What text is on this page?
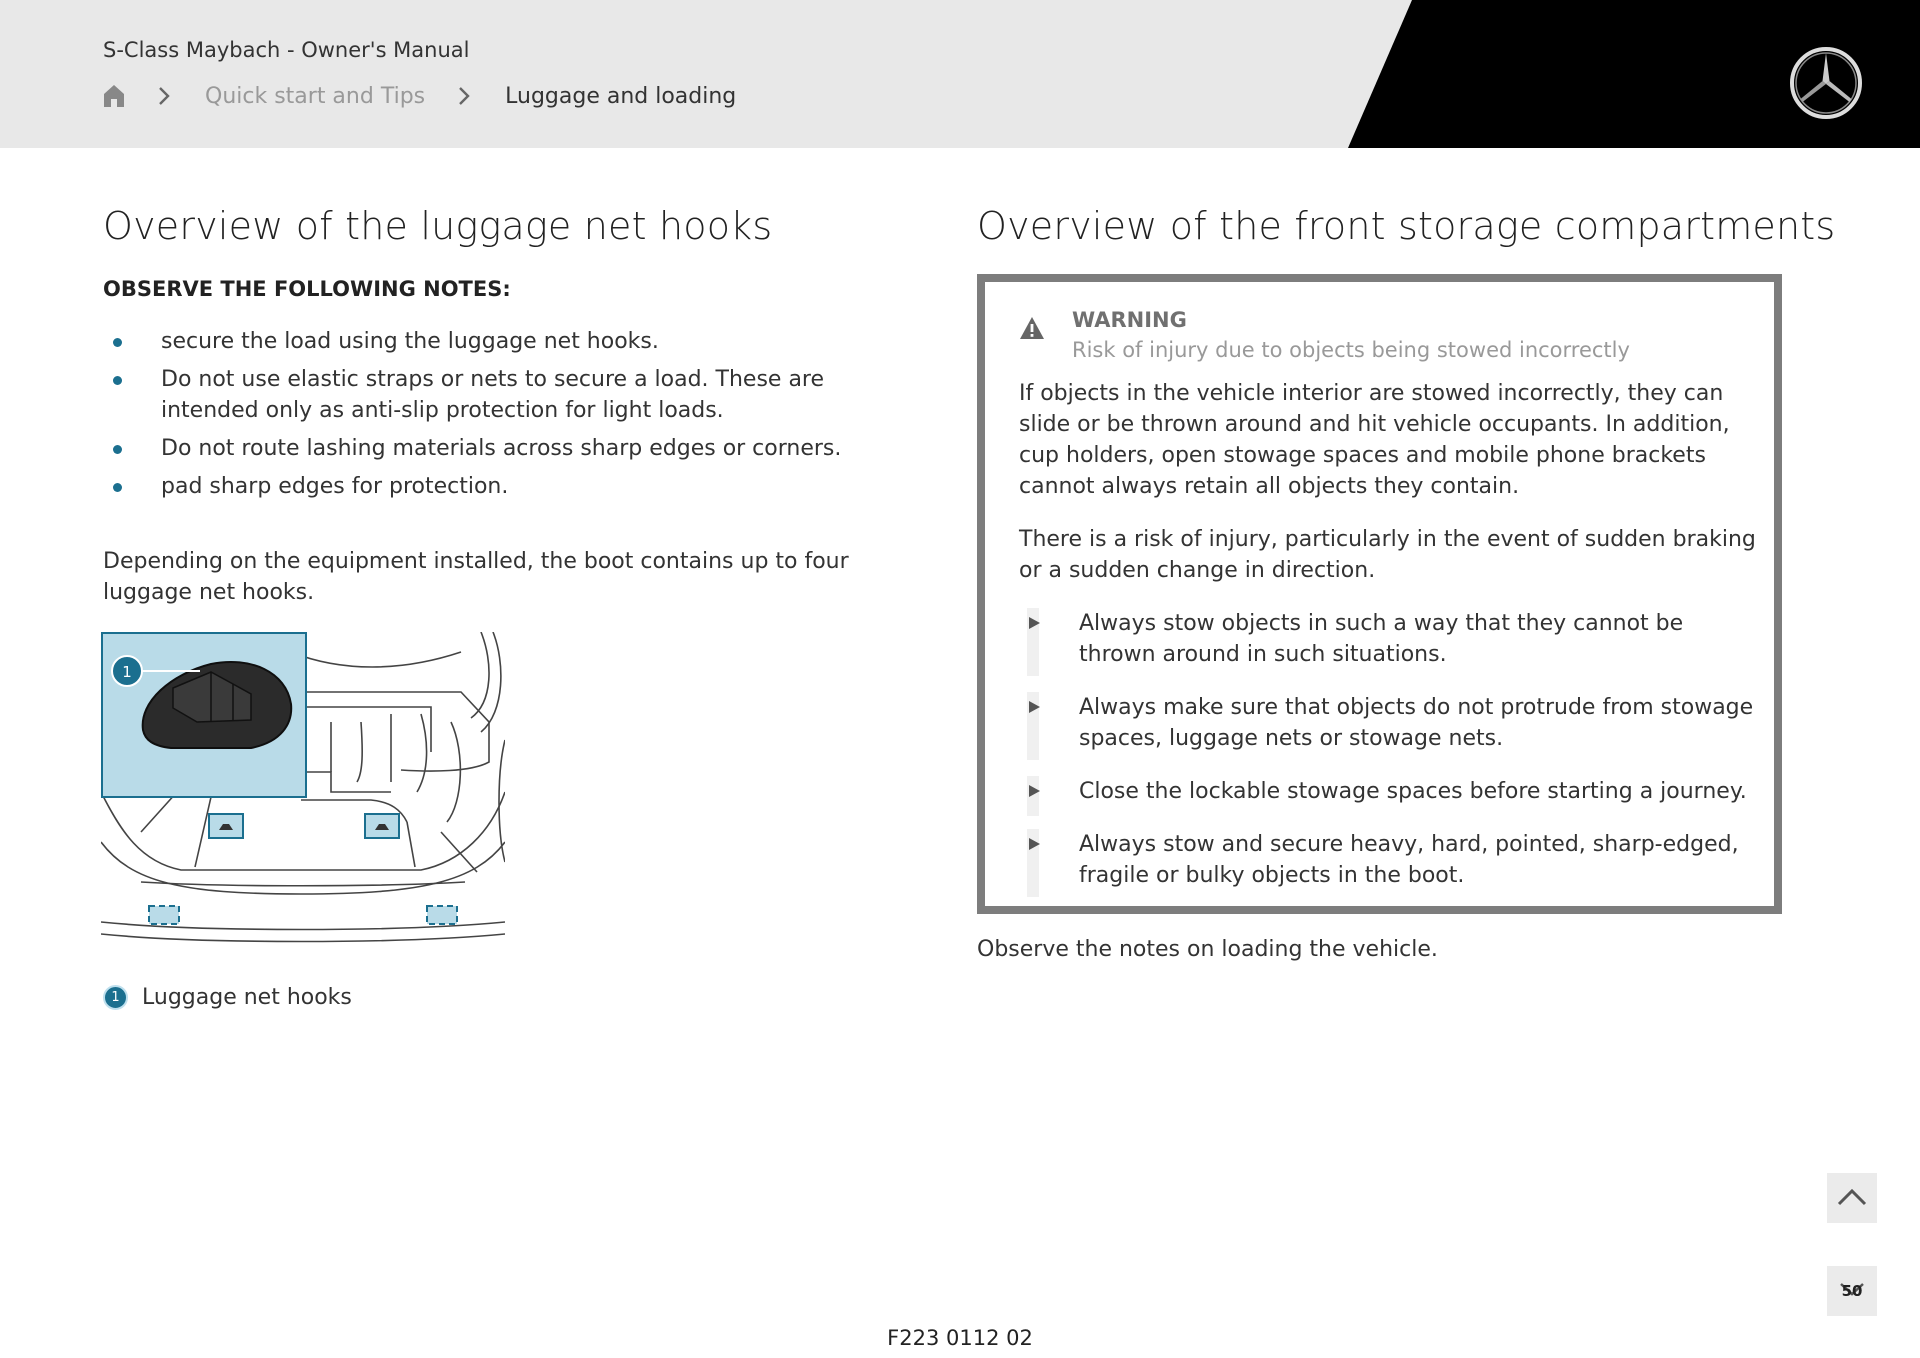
S-Class Maybach - Owner's Manual
Quick start and Tips	Luggage and loading
Overview of the luggage net hooks
OBSERVE THE FOLLOWING NOTES:
secure the load using the luggage net hooks.
Do not use elastic straps or nets to secure a load. These are intended only as anti-slip protection for light loads.
Do not route lashing materials across sharp edges or corners.
pad sharp edges for protection.
Depending on the equipment installed, the boot contains up to four luggage net hooks.
1
1	Luggage net hooks
Overview of the front storage compartments
WARNING
Risk of injury due to objects being stowed incorrectly
If objects in the vehicle interior are stowed incorrectly, they can slide or be thrown around and hit vehicle occupants. In addition, cup holders, open stowage spaces and mobile phone brackets cannot always retain all objects they contain.
There is a risk of injury, particularly in the event of sudden braking or a sudden change in direction.
Always stow objects in such a way that they cannot be thrown around in such situations.
Always make sure that objects do not protrude from stowage spaces, luggage nets or stowage nets.
Close the lockable stowage spaces before starting a journey.
Always stow and secure heavy, hard, pointed, sharp-edged, fragile or bulky objects in the boot.
Observe the notes on loading the vehicle.
50
F223 0112 02
